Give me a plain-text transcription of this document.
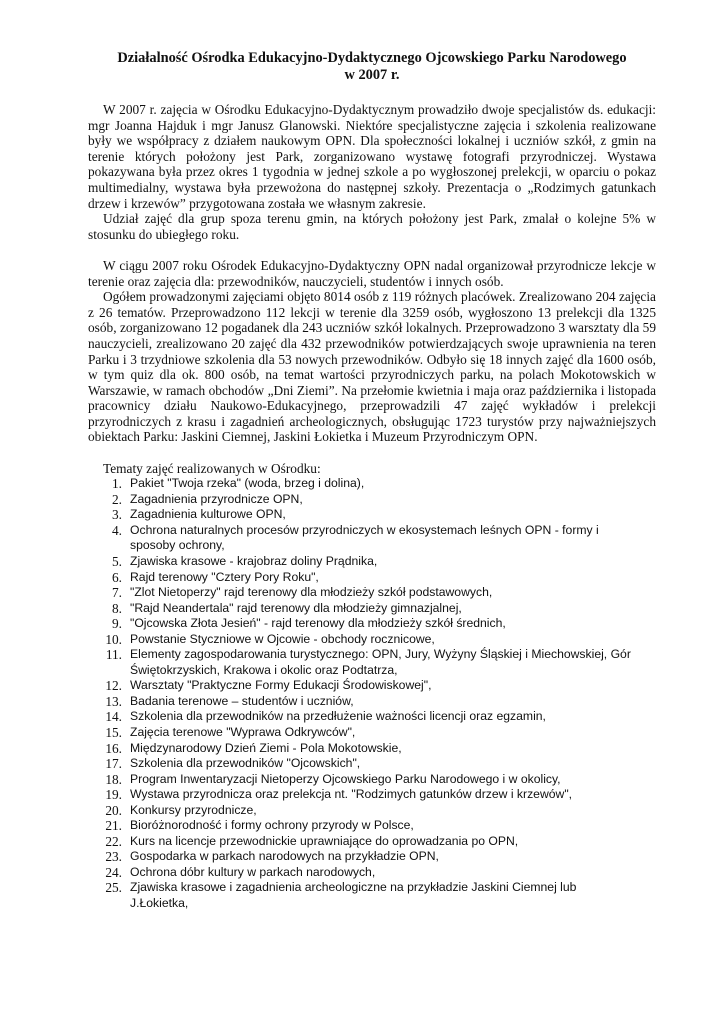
Działalność Ośrodka Edukacyjno-Dydaktycznego Ojcowskiego Parku Narodowego
w 2007 r.

W 2007 r. zajęcia w Ośrodku Edukacyjno-Dydaktycznym prowadziło dwoje specjalistów ds. edukacji: mgr Joanna Hajduk i mgr Janusz Glanowski. Niektóre specjalistyczne zajęcia i szkolenia realizowane były we współpracy z działem naukowym OPN. Dla społeczności lokalnej i uczniów szkół, z gmin na terenie których położony jest Park, zorganizowano wystawę fotografi przyrodniczej. Wystawa pokazywana była przez okres 1 tygodnia w jednej szkole a po wygłoszonej prelekcji, w oparciu o pokaz multimedialny, wystawa była przewożona do następnej szkoły. Prezentacja o „Rodzimych gatunkach drzew i krzewów” przygotowana została we własnym zakresie.

Udział zajęć dla grup spoza terenu gmin, na których położony jest Park, zmalał o kolejne 5% w stosunku do ubiegłego roku.

W ciągu 2007 roku Ośrodek Edukacyjno-Dydaktyczny OPN nadal organizował przyrodnicze lekcje w terenie oraz zajęcia dla: przewodników, nauczycieli, studentów i innych osób.

Ogółem prowadzonymi zajęciami objęto 8014 osób z 119 różnych placówek. Zrealizowano 204 zajęcia z 26 tematów. Przeprowadzono 112 lekcji w terenie dla 3259 osób, wygłoszono 13 prelekcji dla 1325 osób, zorganizowano 12 pogadanek dla 243 uczniów szkół lokalnych. Przeprowadzono 3 warsztaty dla 59 nauczycieli, zrealizowano 20 zajęć dla 432 przewodników potwierdzających swoje uprawnienia na teren Parku i 3 trzydniowe szkolenia dla 53 nowych przewodników. Odbyło się 18 innych zajęć dla 1600 osób, w tym quiz dla ok. 800 osób, na temat wartości przyrodniczych parku, na polach Mokotowskich w Warszawie, w ramach obchodów „Dni Ziemi”. Na przełomie kwietnia i maja oraz października i listopada pracownicy działu Naukowo-Edukacyjnego, przeprowadzili 47 zajęć wykładów i prelekcji przyrodniczych z krasu i zagadnień archeologicznych, obsługując 1723 turystów przy najważniejszych obiektach Parku: Jaskini Ciemnej, Jaskini Łokietka i Muzeum Przyrodniczym OPN.

Tematy zajęć realizowanych w Ośrodku:

1. Pakiet "Twoja rzeka" (woda, brzeg i dolina),
2. Zagadnienia przyrodnicze OPN,
3. Zagadnienia kulturowe OPN,
4. Ochrona naturalnych procesów przyrodniczych w ekosystemach leśnych OPN - formy i sposoby ochrony,
5. Zjawiska krasowe - krajobraz doliny Prądnika,
6. Rajd terenowy "Cztery Pory Roku",
7. "Zlot Nietoperzy" rajd terenowy dla młodzieży szkół podstawowych,
8. "Rajd Neandertala" rajd terenowy dla młodzieży gimnazjalnej,
9. "Ojcowska Złota Jesień" - rajd terenowy dla młodzieży szkół średnich,
10. Powstanie Styczniowe w Ojcowie - obchody rocznicowe,
11. Elementy zagospodarowania turystycznego: OPN, Jury, Wyżyny Śląskiej i Miechowskiej, Gór Świętokrzyskich, Krakowa i okolic oraz Podtatrza,
12. Warsztaty "Praktyczne Formy Edukacji Środowiskowej",
13. Badania terenowe – studentów i uczniów,
14. Szkolenia dla przewodników na przedłużenie ważności licencji oraz egzamin,
15. Zajęcia terenowe "Wyprawa Odkrywców",
16. Międzynarodowy Dzień Ziemi - Pola Mokotowskie,
17. Szkolenia dla przewodników "Ojcowskich",
18. Program Inwentaryzacji Nietoperzy Ojcowskiego Parku Narodowego i w okolicy,
19. Wystawa przyrodnicza oraz prelekcja nt. "Rodzimych gatunków drzew i krzewów",
20. Konkursy przyrodnicze,
21. Bioróżnorodność i formy ochrony przyrody w Polsce,
22. Kurs na licencje przewodnickie uprawniające do oprowadzania po OPN,
23. Gospodarka w parkach narodowych na przykładzie OPN,
24. Ochrona dóbr kultury w parkach narodowych,
25. Zjawiska krasowe i zagadnienia archeologiczne na przykładzie Jaskini Ciemnej lub J.Łokietka,
